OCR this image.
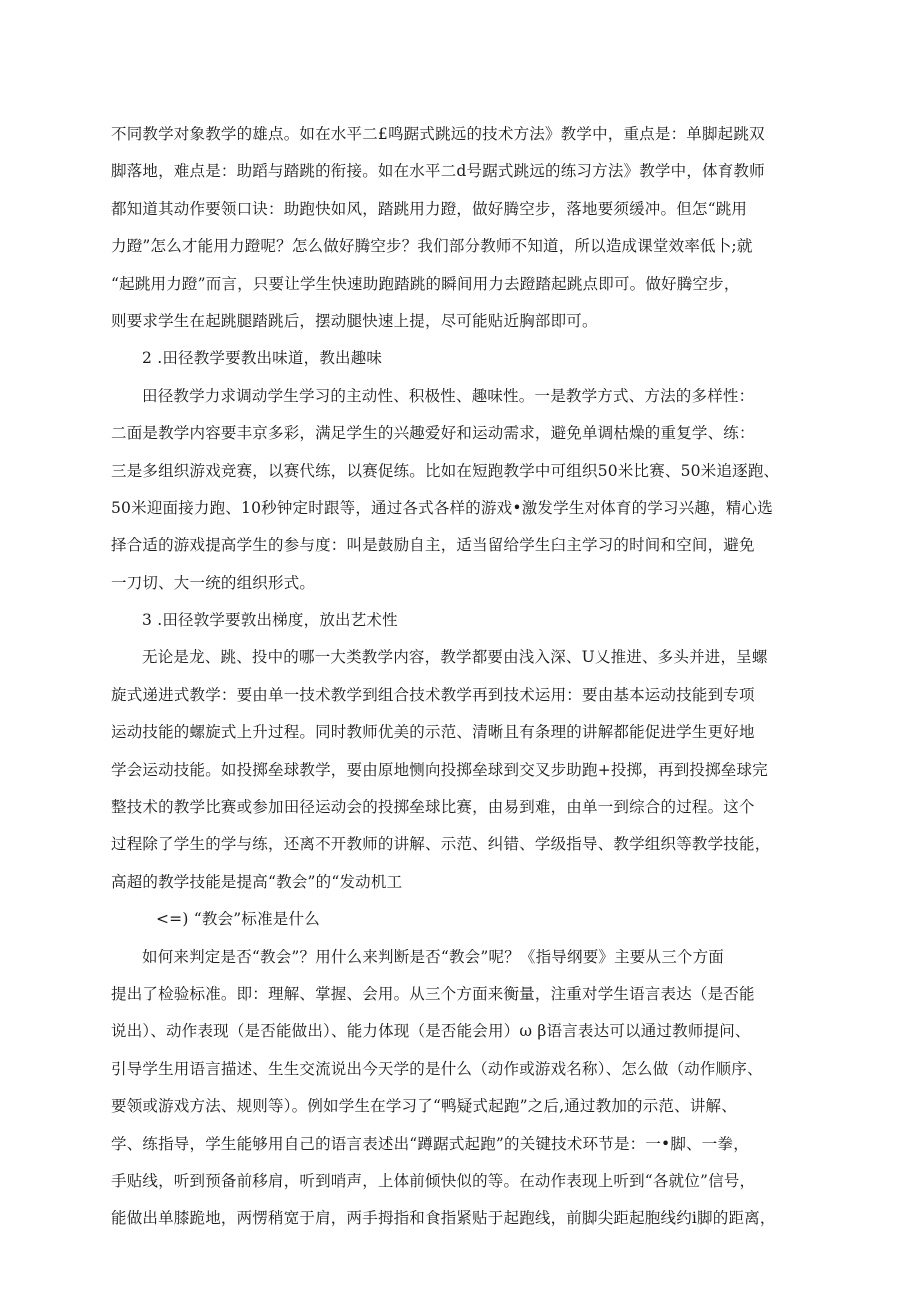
不同教学对象教学的雄点。如在水平二£鸣踞式跳远的技术方法》教学中，重点是：单脚起跳双
脚落地，难点是：助蹈与踏跳的衔接。如在水平二d号踞式跳远的练习方法》教学中，体育教师
都知道其动作要领口诀：助跑快如风，踏跳用力蹬，做好腾空步，落地要须缓冲。但怎“跳用
力蹬”怎么才能用力蹬呢？怎么做好腾空步？我们部分教师不知道，所以造成课堂效率低卜;就
“起跳用力蹬”而言，只要让学生快速助跑踏跳的瞬间用力去蹬踏起跳点即可。做好腾空步，
则要求学生在起跳腿踏跳后，摆动腿快速上提，尽可能贴近胸部即可。
2 .田径教学要教出味道，教出趣味
田径教学力求调动学生学习的主动性、积极性、趣味性。一是教学方式、方法的多样性：
二面是教学内容要丰京多彩，满足学生的兴趣爱好和运动需求，避免单调枯燥的重复学、练：
三是多组织游戏竞赛，以赛代练，以赛促练。比如在短跑教学中可组织50米比赛、50米追逐跑、
50米迎面接力跑、10秒钟定时跟等，通过各式各样的游戏•激发学生对体育的学习兴趣，精心选
择合适的游戏提高学生的参与度：叫是鼓励自主，适当留给学生臼主学习的时间和空间，避免
一刀切、大一统的组织形式。
3 .田径敦学要敦出梯度，放出艺术性
无论是龙、跳、投中的哪一大类教学内容，教学都要由浅入深、U乂推进、多头并进，呈螺
旋式递进式教学：要由单一技术教学到组合技术教学再到技术运用：要由基本运动技能到专项
运动技能的螺旋式上升过程。同时教师优美的示范、清晰且有条理的讲解都能促进学生更好地
学会运动技能。如投掷垒球教学，要由原地恻向投掷垒球到交叉步助跑+投掷，再到投掷垒球完
整技术的教学比赛或参加田径运动会的投掷垒球比赛，由易到难，由单一到综合的过程。这个
过程除了学生的学与练，还离不开教师的讲解、示范、纠错、学级指导、教学组织等教学技能，
高超的教学技能是提高“教会”的“发动机工
<=) “教会”标准是什么
如何来判定是否“教会”？用什么来判断是否“教会”呢？《指导纲要》主要从三个方面
提出了检验标准。即：理解、掌握、会用。从三个方面来衡量，注重对学生语言表达（是否能
说出）、动作表现（是否能做出）、能力体现（是否能会用）ω β语言表达可以通过教师提问、
引导学生用语言描述、生生交流说出今天学的是什么（动作或游戏名称）、怎么做（动作顺序、
要领或游戏方法、规则等）。例如学生在学习了“鸭疑式起跑”之后,通过教加的示范、讲解、
学、练指导，学生能够用自己的语言表述出“蹲踞式起跑”的关键技术环节是：一•脚、一拳，
手贴线，听到预备前移肩，听到哨声，上体前倾快似的等。在动作表现上听到“各就位”信号，
能做出单膝跪地，两愣稍宽于肩，两手拇指和食指紧贴于起跑线，前脚尖距起胞线约i脚的距离，
